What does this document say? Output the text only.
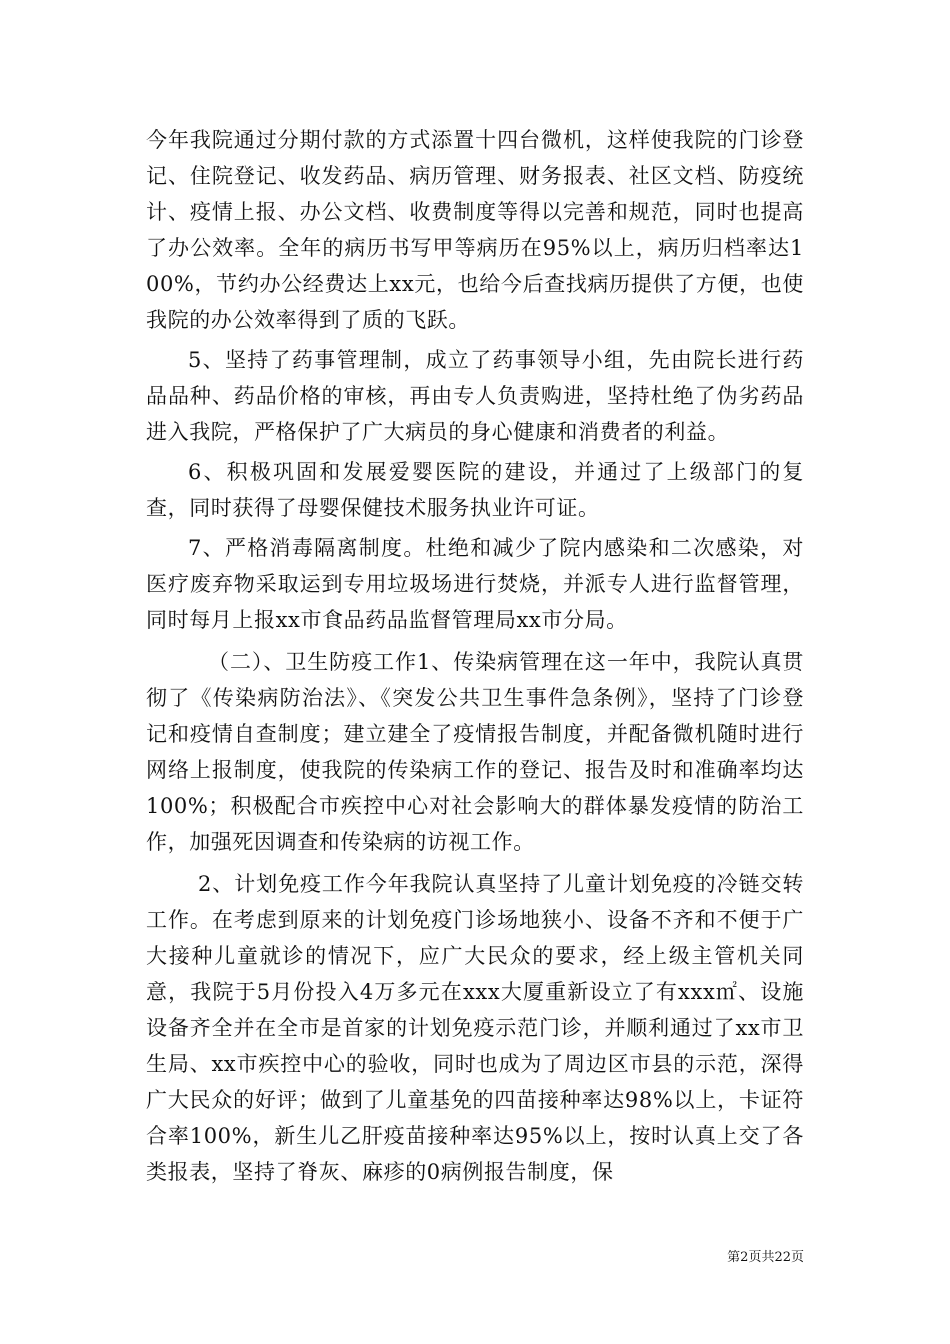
今年我院通过分期付款的方式添置十四台微机，这样使我院的门诊登记、住院登记、收发药品、病历管理、财务报表、社区文档、防疫统计、疫情上报、办公文档、收费制度等得以完善和规范，同时也提高了办公效率。全年的病历书写甲等病历在95%以上，病历归档率达100%，节约办公经费达上xx元，也给今后查找病历提供了方便，也使我院的办公效率得到了质的飞跃。

5、坚持了药事管理制，成立了药事领导小组，先由院长进行药品品种、药品价格的审核，再由专人负责购进，坚持杜绝了伪劣药品进入我院，严格保护了广大病员的身心健康和消费者的利益。

6、积极巩固和发展爱婴医院的建设，并通过了上级部门的复查，同时获得了母婴保健技术服务执业许可证。

7、严格消毒隔离制度。杜绝和减少了院内感染和二次感染，对医疗废弃物采取运到专用垃圾场进行焚烧，并派专人进行监督管理，同时每月上报xx市食品药品监督管理局xx市分局。

（二）、卫生防疫工作1、传染病管理在这一年中，我院认真贯彻了《传染病防治法》、《突发公共卫生事件急条例》，坚持了门诊登记和疫情自查制度；建立建全了疫情报告制度，并配备微机随时进行网络上报制度，使我院的传染病工作的登记、报告及时和准确率均达100%；积极配合市疾控中心对社会影响大的群体暴发疫情的防治工作，加强死因调查和传染病的访视工作。

2、计划免疫工作今年我院认真坚持了儿童计划免疫的冷链交转工作。在考虑到原来的计划免疫门诊场地狭小、设备不齐和不便于广大接种儿童就诊的情况下，应广大民众的要求，经上级主管机关同意，我院于5月份投入4万多元在xxx大厦重新设立了有xxx㎡、设施设备齐全并在全市是首家的计划免疫示范门诊，并顺利通过了xx市卫生局、xx市疾控中心的验收，同时也成为了周边区市县的示范，深得广大民众的好评；做到了儿童基免的四苗接种率达98%以上，卡证符合率100%，新生儿乙肝疫苗接种率达95%以上，按时认真上交了各类报表，坚持了脊灰、麻疹的0病例报告制度，保

第2页共22页
